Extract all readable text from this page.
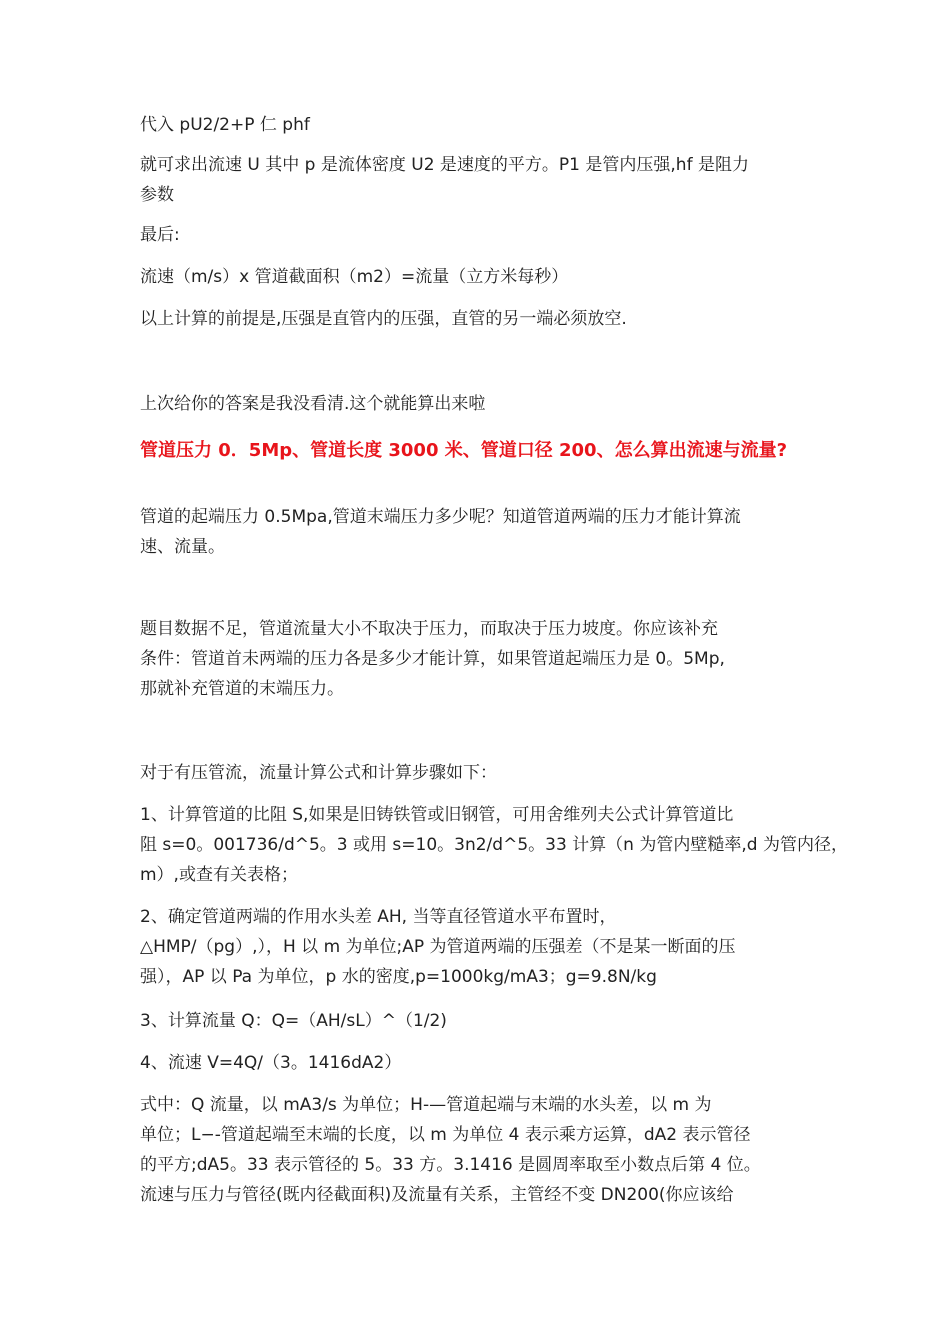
代入 pU2/2+P 仁 phf

就可求出流速 U 其中 p 是流体密度 U2 是速度的平方。P1 是管内压强,hf 是阻力

参数

最后:

流速（m/s）x 管道截面积（m2）=流量（立方米每秒）

以上计算的前提是,压强是直管内的压强，直管的另一端必须放空.

上次给你的答案是我没看清.这个就能算出来啦

管道压力 0．5Mp、管道长度 3000 米、管道口径 200、怎么算出流速与流量?

管道的起端压力 0.5Mpa,管道末端压力多少呢？知道管道两端的压力才能计算流

速、流量。

题目数据不足，管道流量大小不取决于压力，而取决于压力坡度。你应该补充

条件：管道首未两端的压力各是多少才能计算，如果管道起端压力是 0。5Mp,

那就补充管道的末端压力。

对于有压管流，流量计算公式和计算步骤如下：

1、计算管道的比阻 S,如果是旧铸铁管或旧钢管，可用舍维列夫公式计算管道比

阻 s=0。001736/d^5。3 或用 s=10。3n2/d^5。33 计算（n 为管内壁糙率,d 为管内径，

m）,或查有关表格；

2、确定管道两端的作用水头差 AH, 当等直径管道水平布置时，

△HMP/（pg）,），H 以 m 为单位;AP 为管道两端的压强差（不是某一断面的压

强），AP 以 Pa 为单位，p 水的密度,p=1000kg/mA3；g=9.8N/kg

3、计算流量 Q：Q=（AH/sL）^（1/2)

4、流速 V=4Q/（3。1416dA2）

式中：Q 流量，以 mA3/s 为单位；H-—管道起端与末端的水头差，以 m 为

单位；L−-管道起端至末端的长度，以 m 为单位 4 表示乘方运算，dA2 表示管径

的平方;dA5。33 表示管径的 5。33 方。3.1416 是圆周率取至小数点后第 4 位。

流速与压力与管径(既内径截面积)及流量有关系，主管经不变 DN200(你应该给
